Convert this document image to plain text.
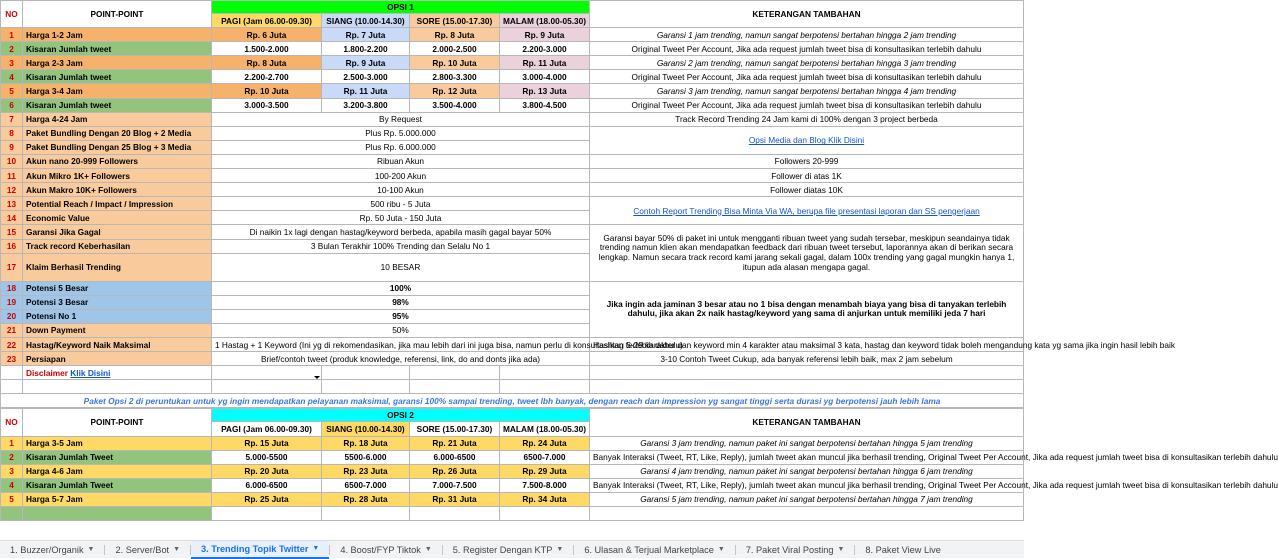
NO	POINT-POINT	OPSI 1				KETERANGAN TAMBAHAN
		PAGI (Jam 06.00-09.30)	SIANG (10.00-14.30)	SORE (15.00-17.30)	MALAM (18.00-05.30)	
1	Harga 1-2 Jam	Rp. 6 Juta	Rp. 7 Juta	Rp. 8 Juta	Rp. 9 Juta	Garansi 1 jam trending, namun sangat berpotensi bertahan hingga 2 jam trending
2	Kisaran Jumlah tweet	1.500-2.000	1.800-2.200	2.000-2.500	2.200-3.000	Original Tweet Per Account, Jika ada request jumlah tweet bisa di konsultasikan terlebih dahulu
3	Harga 2-3 Jam	Rp. 8 Juta	Rp. 9 Juta	Rp. 10 Juta	Rp. 11 Juta	Garansi 2 jam trending, namun sangat berpotensi bertahan hingga 3 jam trending
4	Kisaran Jumlah tweet	2.200-2.700	2.500-3.000	2.800-3.300	3.000-4.000	Original Tweet Per Account, Jika ada request jumlah tweet bisa di konsultasikan terlebih dahulu
5	Harga 3-4 Jam	Rp. 10 Juta	Rp. 11 Juta	Rp. 12 Juta	Rp. 13 Juta	Garansi 3 jam trending, namun sangat berpotensi bertahan hingga 4 jam trending
6	Kisaran Jumlah tweet	3.000-3.500	3.200-3.800	3.500-4.000	3.800-4.500	Original Tweet Per Account, Jika ada request jumlah tweet bisa di konsultasikan terlebih dahulu
7	Harga 4-24 Jam	By Request				Track Record Trending 24 Jam kami di 100% dengan 3 project berbeda
8	Paket Bundling Dengan 20 Blog + 2 Media	Plus Rp. 5.000.000				Opsi Media dan Blog Klik Disini
9	Paket Bundling Dengan 25 Blog + 3 Media	Plus Rp. 6.000.000				
10	Akun nano 20-999 Followers	Ribuan Akun				Followers 20-999
11	Akun Mikro 1K+ Followers	100-200 Akun				Follower di atas 1K
12	Akun Makro 10K+ Followers	10-100 Akun				Follower diatas 10K
13	Potential Reach / Impact / Impression	500 ribu - 5 Juta				Contoh Report Trending Bisa Minta Via WA, berupa file presentasi laporan dan SS pengerjaan
14	Economic Value	Rp. 50 Juta - 150 Juta				
15	Garansi Jika Gagal	Di naikin 1x lagi dengan hastag/keyword berbeda, apabila masih gagal bayar 50%				Garansi bayar 50% di paket ini untuk mengganti ribuan tweet yang sudah tersebar, meskipun seandainya tidak trending namun klien akan mendapatkan feedback dari ribuan tweet tersebut, laporannya akan di berikan secara lengkap. Namun secara track record kami jarang sekali gagal, dalam 100x trending yang gagal mungkin hanya 1, itupun ada alasan mengapa gagal.
16	Track record Keberhasilan	3 Bulan Terakhir 100% Trending dan Selalu No 1				
17	Klaim Berhasil Trending	10 BESAR				
18	Potensi 5 Besar	100%				Jika ingin ada jaminan 3 besar atau no 1 bisa dengan menambah biaya yang bisa di tanyakan terlebih dahulu, jika akan 2x naik hastag/keyword yang sama di anjurkan untuk memiliki jeda 7 hari
19	Potensi 3 Besar	98%				
20	Potensi No 1	95%				
21	Down Payment	50%				
22	Hastag/Keyword Naik Maksimal	1 Hastag + 1 Keyword (Ini yg di rekomendasikan, jika mau lebih dari ini juga bisa, namun perlu di konsultasikan terlebih dahulu)				Hashtag 5-29 karakter dan keyword min 4 karakter atau maksimal 3 kata, hastag dan keyword tidak boleh mengandung kata yg sama jika ingin hasil lebih baik
23	Persiapan	Brief/contoh tweet (produk knowledge, referensi, link, do and donts jika ada)				3-10 Contoh Tweet Cukup, ada banyak referensi lebih baik, max 2 jam sebelum
	Disclaimer Klik Disini					

Paket Opsi 2 di peruntukan untuk yg ingin mendapatkan pelayanan maksimal, garansi 100% sampai trending, tweet lbh banyak, dengan reach dan impression yg sangat tinggi serta durasi yg berpotensi jauh lebih lama						
NO	POINT-POINT	OPSI 2				KETERANGAN TAMBAHAN
		PAGI (Jam 06.00-09.30)	SIANG (10.00-14.30)	SORE (15.00-17.30)	MALAM (18.00-05.30)	
1	Harga 3-5 Jam	Rp. 15 Juta	Rp. 18 Juta	Rp. 21 Juta	Rp. 24 Juta	Garansi 3 jam trending, namun paket ini sangat berpotensi bertahan hingga 5 jam trending
2	Kisaran Jumlah Tweet	5.000-5500	5500-6.000	6.000-6500	6500-7.000	Banyak Interaksi (Tweet, RT, Like, Reply), jumlah tweet akan muncul jika berhasil trending, Original Tweet Per Account, Jika ada request jumlah tweet bisa di konsultasikan terlebih dahulu
3	Harga 4-6 Jam	Rp. 20 Juta	Rp. 23 Juta	Rp. 26 Juta	Rp. 29 Juta	Garansi 4 jam trending, namun paket ini sangat berpotensi bertahan hingga 6 jam trending
4	Kisaran Jumlah Tweet	6.000-6500	6500-7.000	7.000-7.500	7.500-8.000	Banyak Interaksi (Tweet, RT, Like, Reply), jumlah tweet akan muncul jika berhasil trending, Original Tweet Per Account, Jika ada request jumlah tweet bisa di konsultasikan terlebih dahulu
5	Harga 5-7 Jam	Rp. 25 Juta	Rp. 28 Juta	Rp. 31 Juta	Rp. 34 Juta	Garansi 5 jam trending, namun paket ini sangat berpotensi bertahan hingga 7 jam trending

1. Buzzer/Organik ▼ 2. Server/Bot ▼ 3. Trending Topik Twitter ▼ 4. Boost/FYP Tiktok ▼ 5. Register Dengan KTP ▼ 6. Ulasan & Terjual Marketplace ▼ 7. Paket Viral Posting ▼ 8. Paket View Live
